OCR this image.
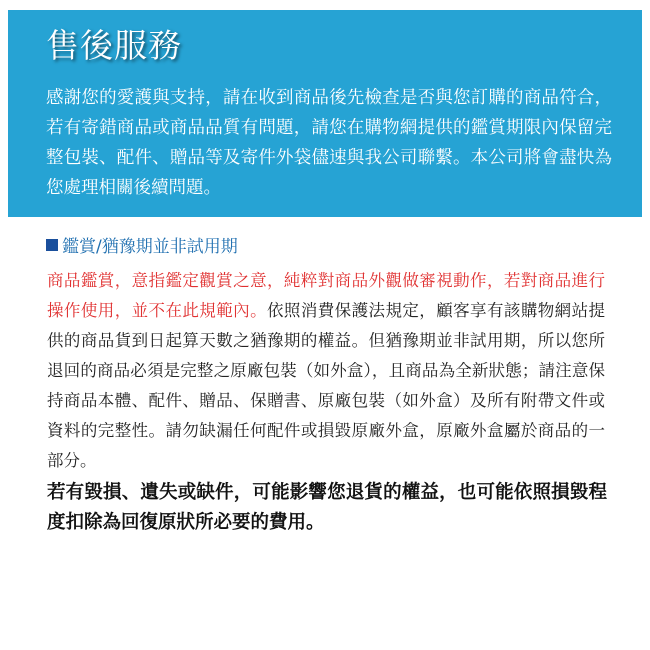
售後服務
感謝您的愛護與支持，請在收到商品後先檢查是否與您訂購的商品符合，若有寄錯商品或商品品質有問題，請您在購物網提供的鑑賞期限內保留完整包裝、配件、贈品等及寄件外袋儘速與我公司聯繫。本公司將會盡快為您處理相關後續問題。
鑑賞/猶豫期並非試用期
商品鑑賞，意指鑑定觀賞之意，純粹對商品外觀做審視動作，若對商品進行操作使用，並不在此規範內。依照消費保護法規定，顧客享有該購物網站提供的商品貨到日起算天數之猶豫期的權益。但猶豫期並非試用期，所以您所退回的商品必須是完整之原廠包裝（如外盒），且商品為全新狀態；請注意保持商品本體、配件、贈品、保贈書、原廠包裝（如外盒）及所有附帶文件或資料的完整性。請勿缺漏任何配件或損毀原廠外盒，原廠外盒屬於商品的一部分。
若有毀損、遺失或缺件，可能影響您退貨的權益，也可能依照損毀程度扣除為回復原狀所必要的費用。
